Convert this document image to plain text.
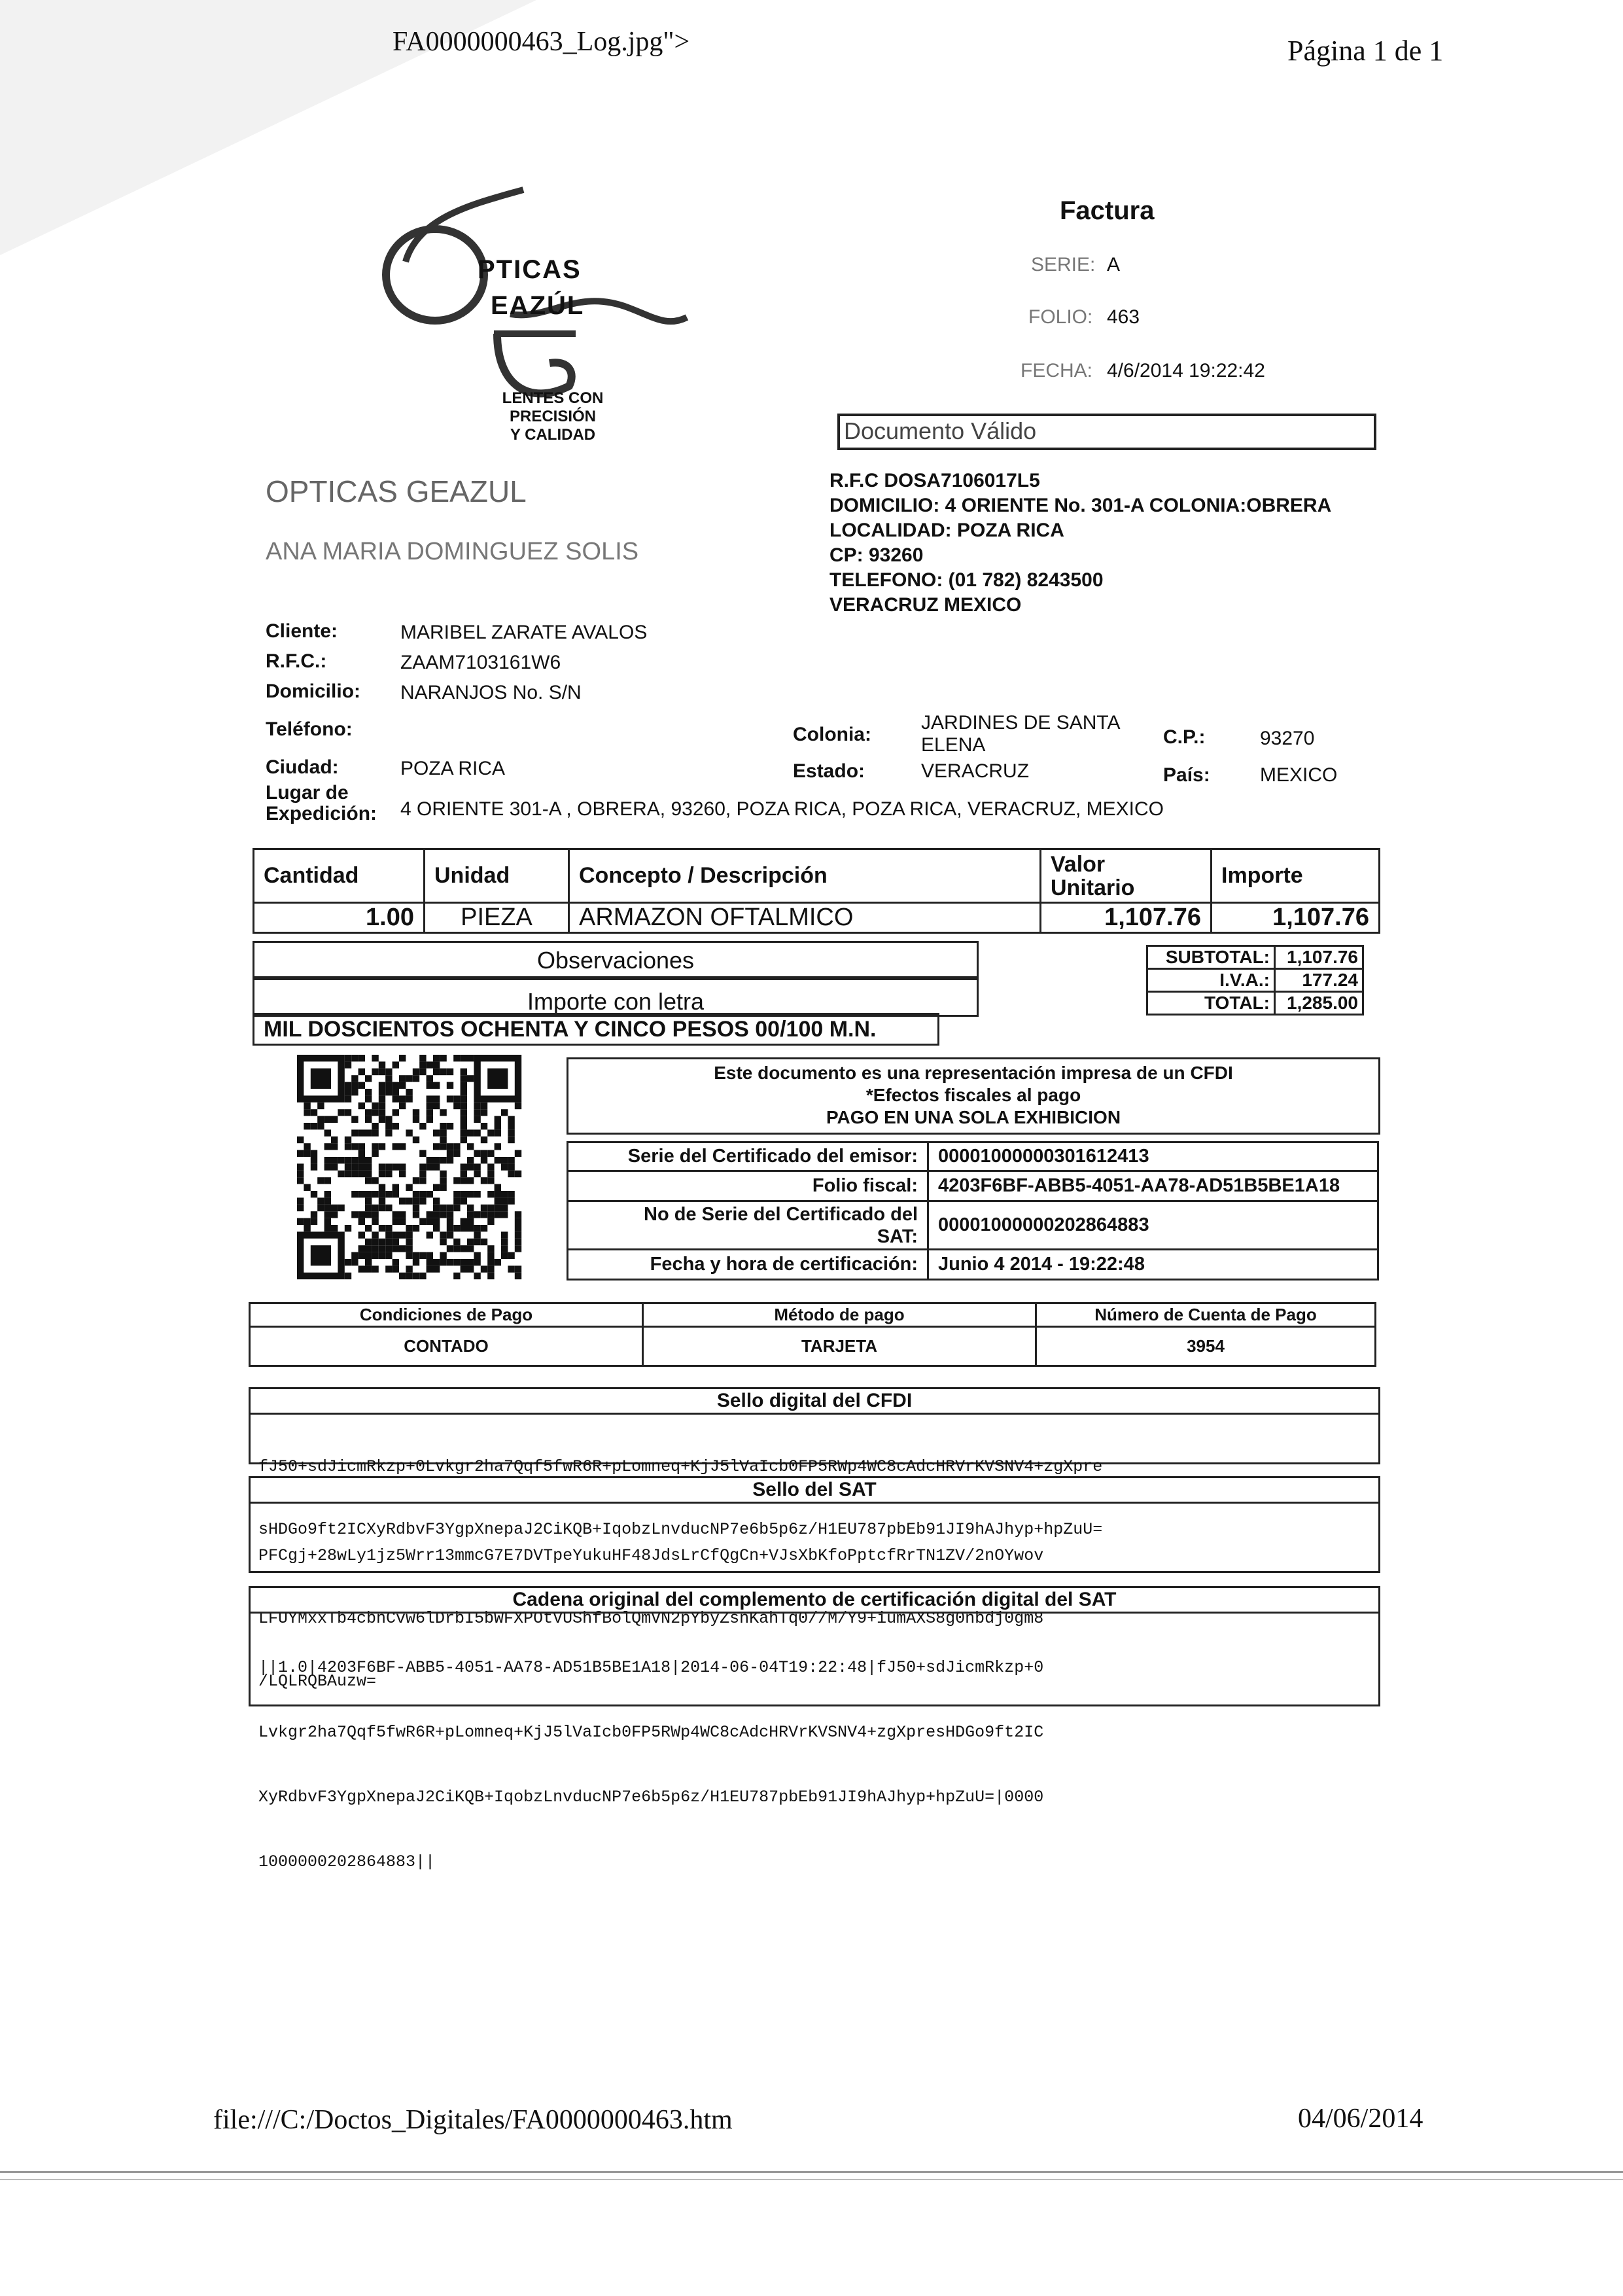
FA0000000463_Log.jpg">	Página 1 de 1
PTICAS
EAZÚL
LENTES CON
PRECISIÓN
Y CALIDAD
Factura
SERIE: A
FOLIO: 463
FECHA: 4/6/2014 19:22:42
Documento Válido
OPTICAS GEAZUL
ANA MARIA DOMINGUEZ SOLIS
R.F.C DOSA7106017L5
DOMICILIO: 4 ORIENTE No. 301-A COLONIA:OBRERA
LOCALIDAD: POZA RICA
CP: 93260
TELEFONO: (01 782) 8243500
VERACRUZ MEXICO
Cliente:	MARIBEL ZARATE AVALOS
R.F.C.:	ZAAM7103161W6
Domicilio: NARANJOS No. S/N
Teléfono:	Colonia:
JARDINES DE SANTA
ELENA	C.P.:	93270
Ciudad:	POZA RICA	Estado:	VERACRUZ	País:	MEXICO
Lugar de
Expedición: 4 ORIENTE 301-A , OBRERA, 93260, POZA RICA, POZA RICA, VERACRUZ, MEXICO
Cantidad	Unidad	Concepto / Descripción	Valor
Unitario	Importe
1.00	PIEZA	ARMAZON OFTALMICO	1,107.76	1,107.76
Observaciones
Importe con letra
MIL DOSCIENTOS OCHENTA Y CINCO PESOS 00/100 M.N.
SUBTOTAL:	1,107.76
I.V.A.:	177.24
TOTAL:	1,285.00
Este documento es una representación impresa de un CFDI
*Efectos fiscales al pago
PAGO EN UNA SOLA EXHIBICION
Serie del Certificado del emisor:	00001000000301612413
Folio fiscal:	4203F6BF-ABB5-4051-AA78-AD51B5BE1A18

No de Serie del Certificado del
SAT:	00001000000202864883
Fecha y hora de certificación:	Junio 4 2014 - 19:22:48
Condiciones de Pago	Método de pago	Número de Cuenta de Pago
CONTADO	TARJETA	3954
Sello digital del CFDI

fJ50+sdJicmRkzp+0Lvkgr2ha7Qqf5fwR6R+pLomneq+KjJ5lVaIcb0FP5RWp4WC8cAdcHRVrKVSNV4+zgXpre

sHDGo9ft2ICXyRdbvF3YgpXnepaJ2CiKQB+IqobzLnvducNP7e6b5p6z/H1EU787pbEb91JI9hAJhyp+hpZuU=

Sello del SAT

PFCgj+28wLy1jz5Wrr13mmcG7E7DVTpeYukuHF48JdsLrCfQgCn+VJsXbKfoPptcfRrTN1ZV/2nOYwov

LFUYMxxTb4cbnCvw6lDrbI5bWFXPOtVUShfBolQmVN2pYbyZsnKahTq0//M/Y9+iumAXS8g0nbdj0gm8

/LQLRQBAuzw=

Cadena original del complemento de certificación digital del SAT

||1.0|4203F6BF-ABB5-4051-AA78-AD51B5BE1A18|2014-06-04T19:22:48|fJ50+sdJicmRkzp+0

Lvkgr2ha7Qqf5fwR6R+pLomneq+KjJ5lVaIcb0FP5RWp4WC8cAdcHRVrKVSNV4+zgXpresHDGo9ft2IC

XyRdbvF3YgpXnepaJ2CiKQB+IqobzLnvducNP7e6b5p6z/H1EU787pbEb91JI9hAJhyp+hpZuU=|0000

1000000202864883||

file:///C:/Doctos_Digitales/FA0000000463.htm	04/06/2014
